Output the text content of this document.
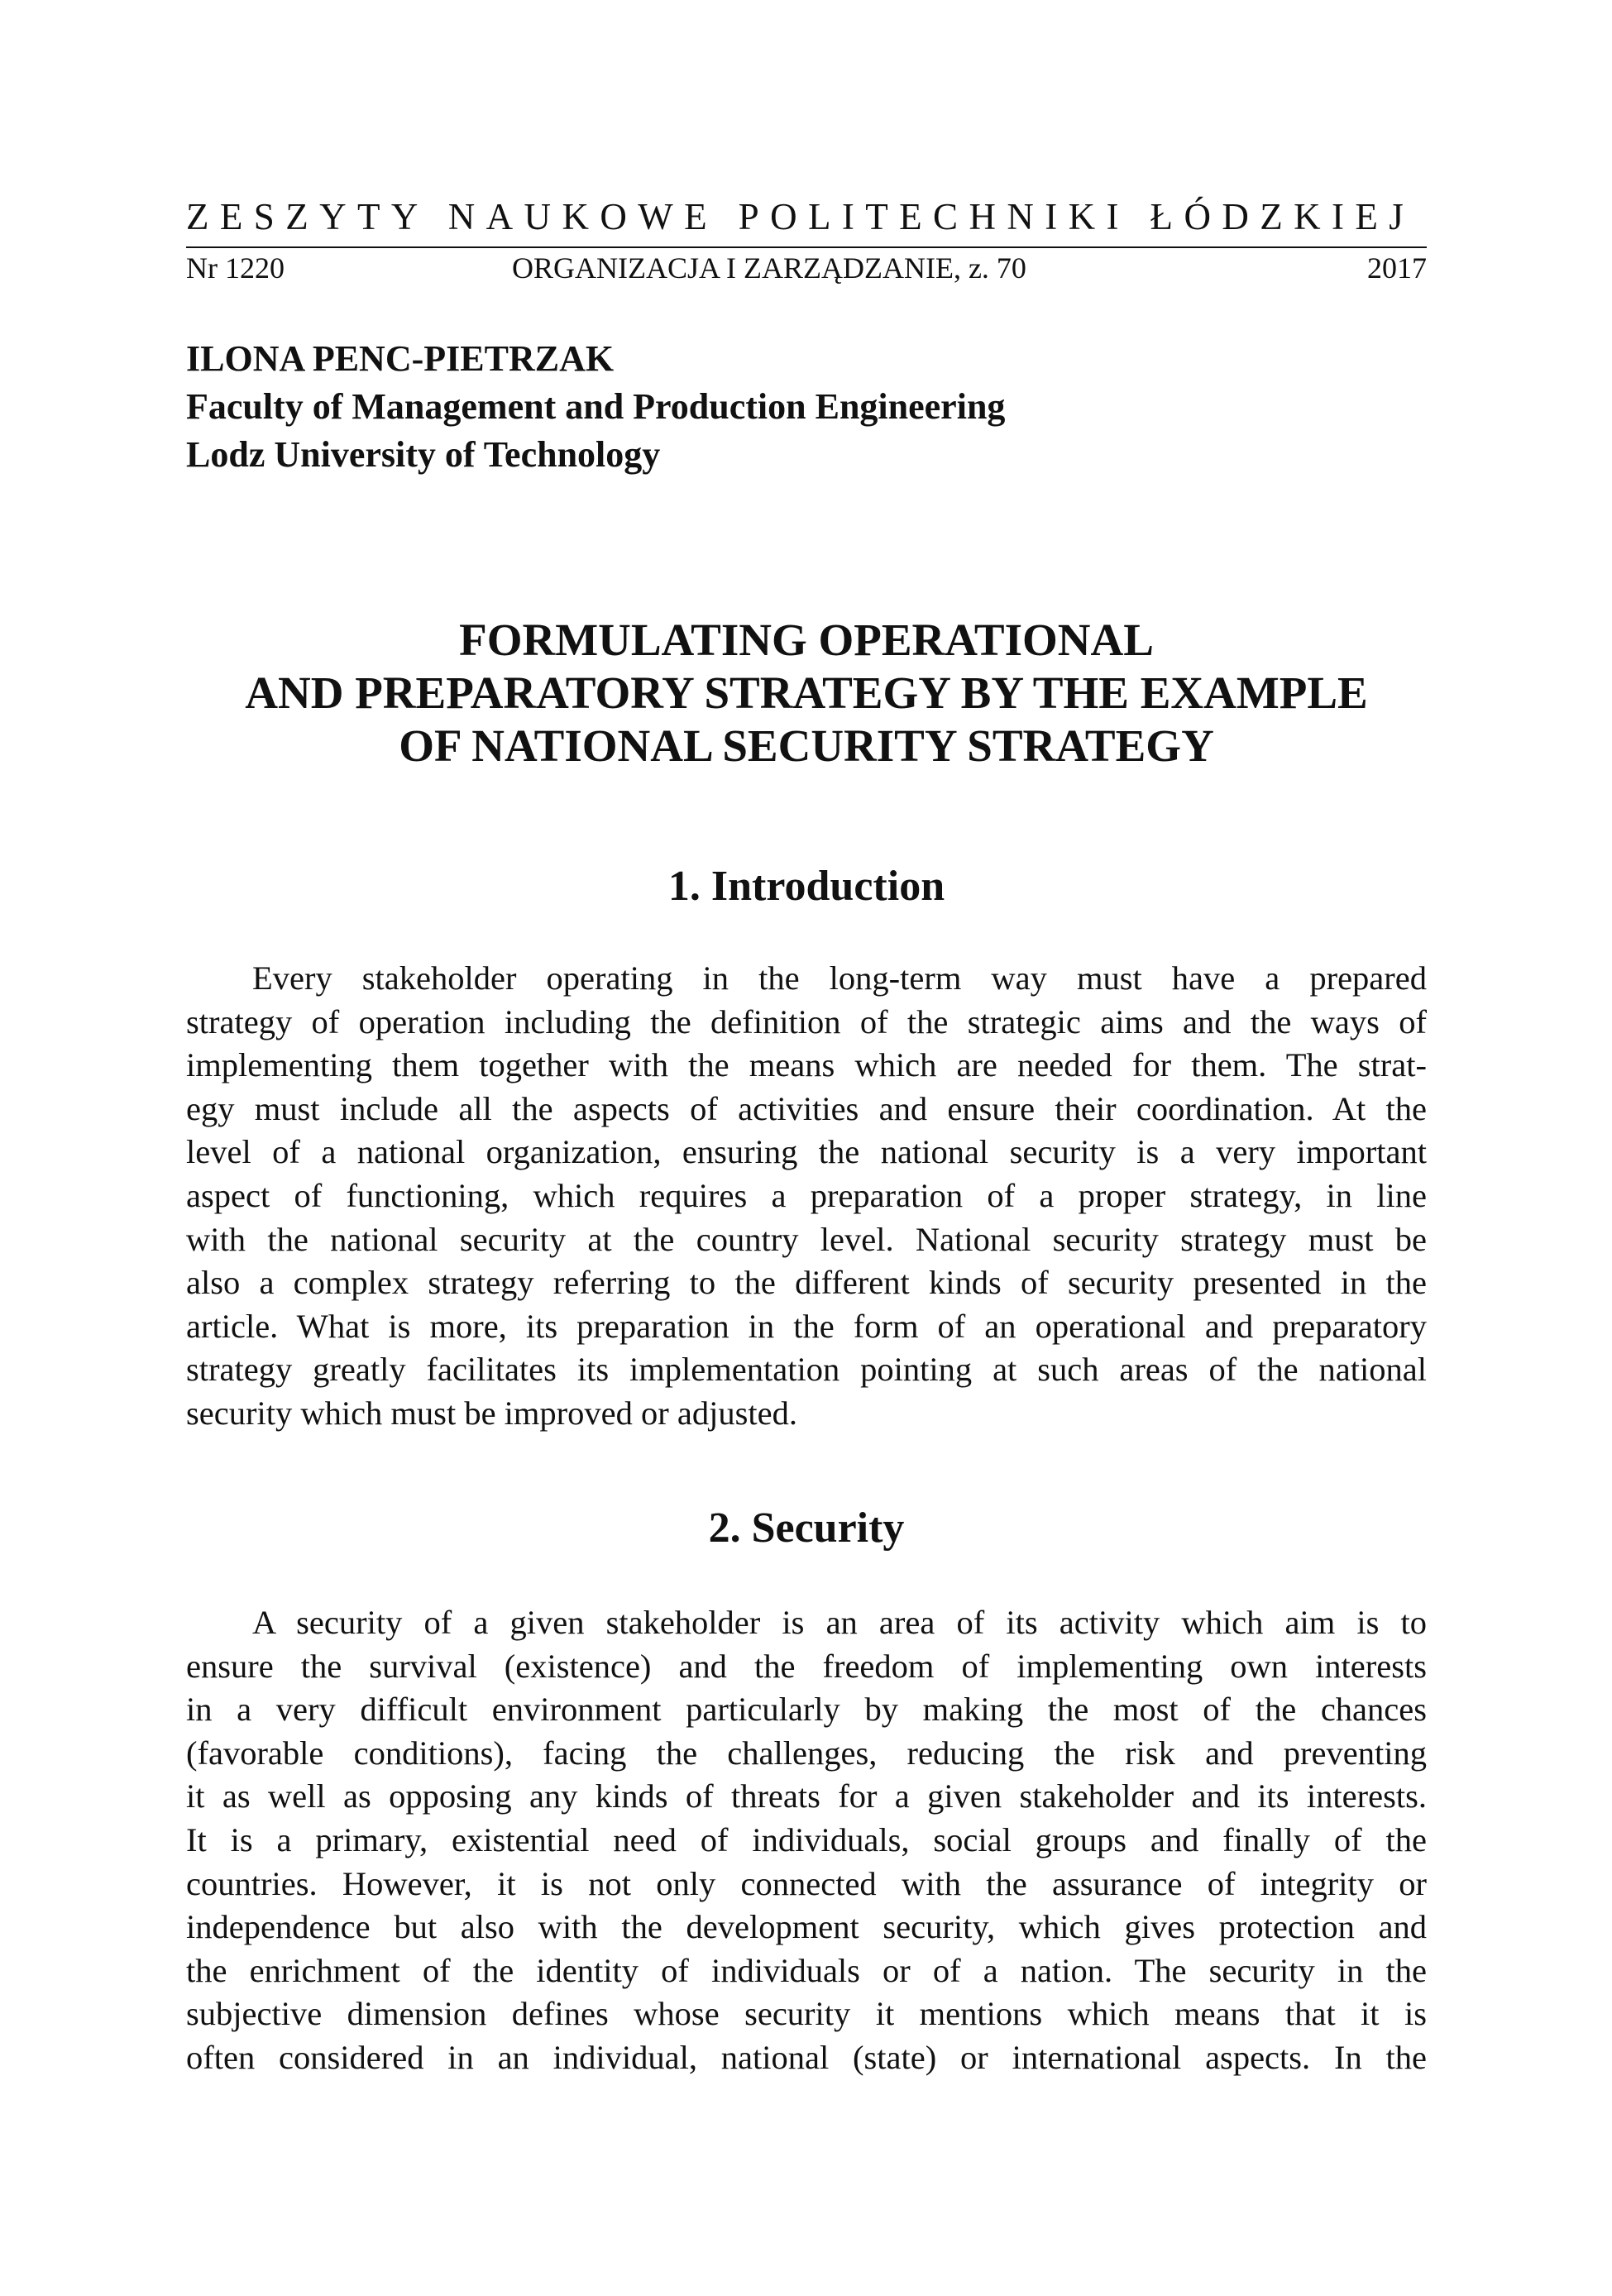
ZESZYTY NAUKOWE POLITECHNIKI ŁÓDZKIEJ
Nr 1220	ORGANIZACJA I ZARZĄDZANIE, z. 70	2017
ILONA PENC-PIETRZAK
Faculty of Management and Production Engineering
Lodz University of Technology
FORMULATING OPERATIONAL
AND PREPARATORY STRATEGY BY THE EXAMPLE
OF NATIONAL SECURITY STRATEGY
1. Introduction
Every stakeholder operating in the long-term way must have a prepared
strategy of operation including the definition of the strategic aims and the ways of
implementing them together with the means which are needed for them. The strat-
egy must include all the aspects of activities and ensure their coordination. At the
level of a national organization, ensuring the national security is a very important
aspect of functioning, which requires a preparation of a proper strategy, in line
with the national security at the country level. National security strategy must be
also a complex strategy referring to the different kinds of security presented in the
article. What is more, its preparation in the form of an operational and preparatory
strategy greatly facilitates its implementation pointing at such areas of the national
security which must be improved or adjusted.
2. Security
A security of a given stakeholder is an area of its activity which aim is to
ensure the survival (existence) and the freedom of implementing own interests
in a very difficult environment particularly by making the most of the chances
(favorable conditions), facing the challenges, reducing the risk and preventing
it as well as opposing any kinds of threats for a given stakeholder and its interests.
It is a primary, existential need of individuals, social groups and finally of the
countries. However, it is not only connected with the assurance of integrity or
independence but also with the development security, which gives protection and
the enrichment of the identity of individuals or of a nation. The security in the
subjective dimension defines whose security it mentions which means that it is
often considered in an individual, national (state) or international aspects. In the
